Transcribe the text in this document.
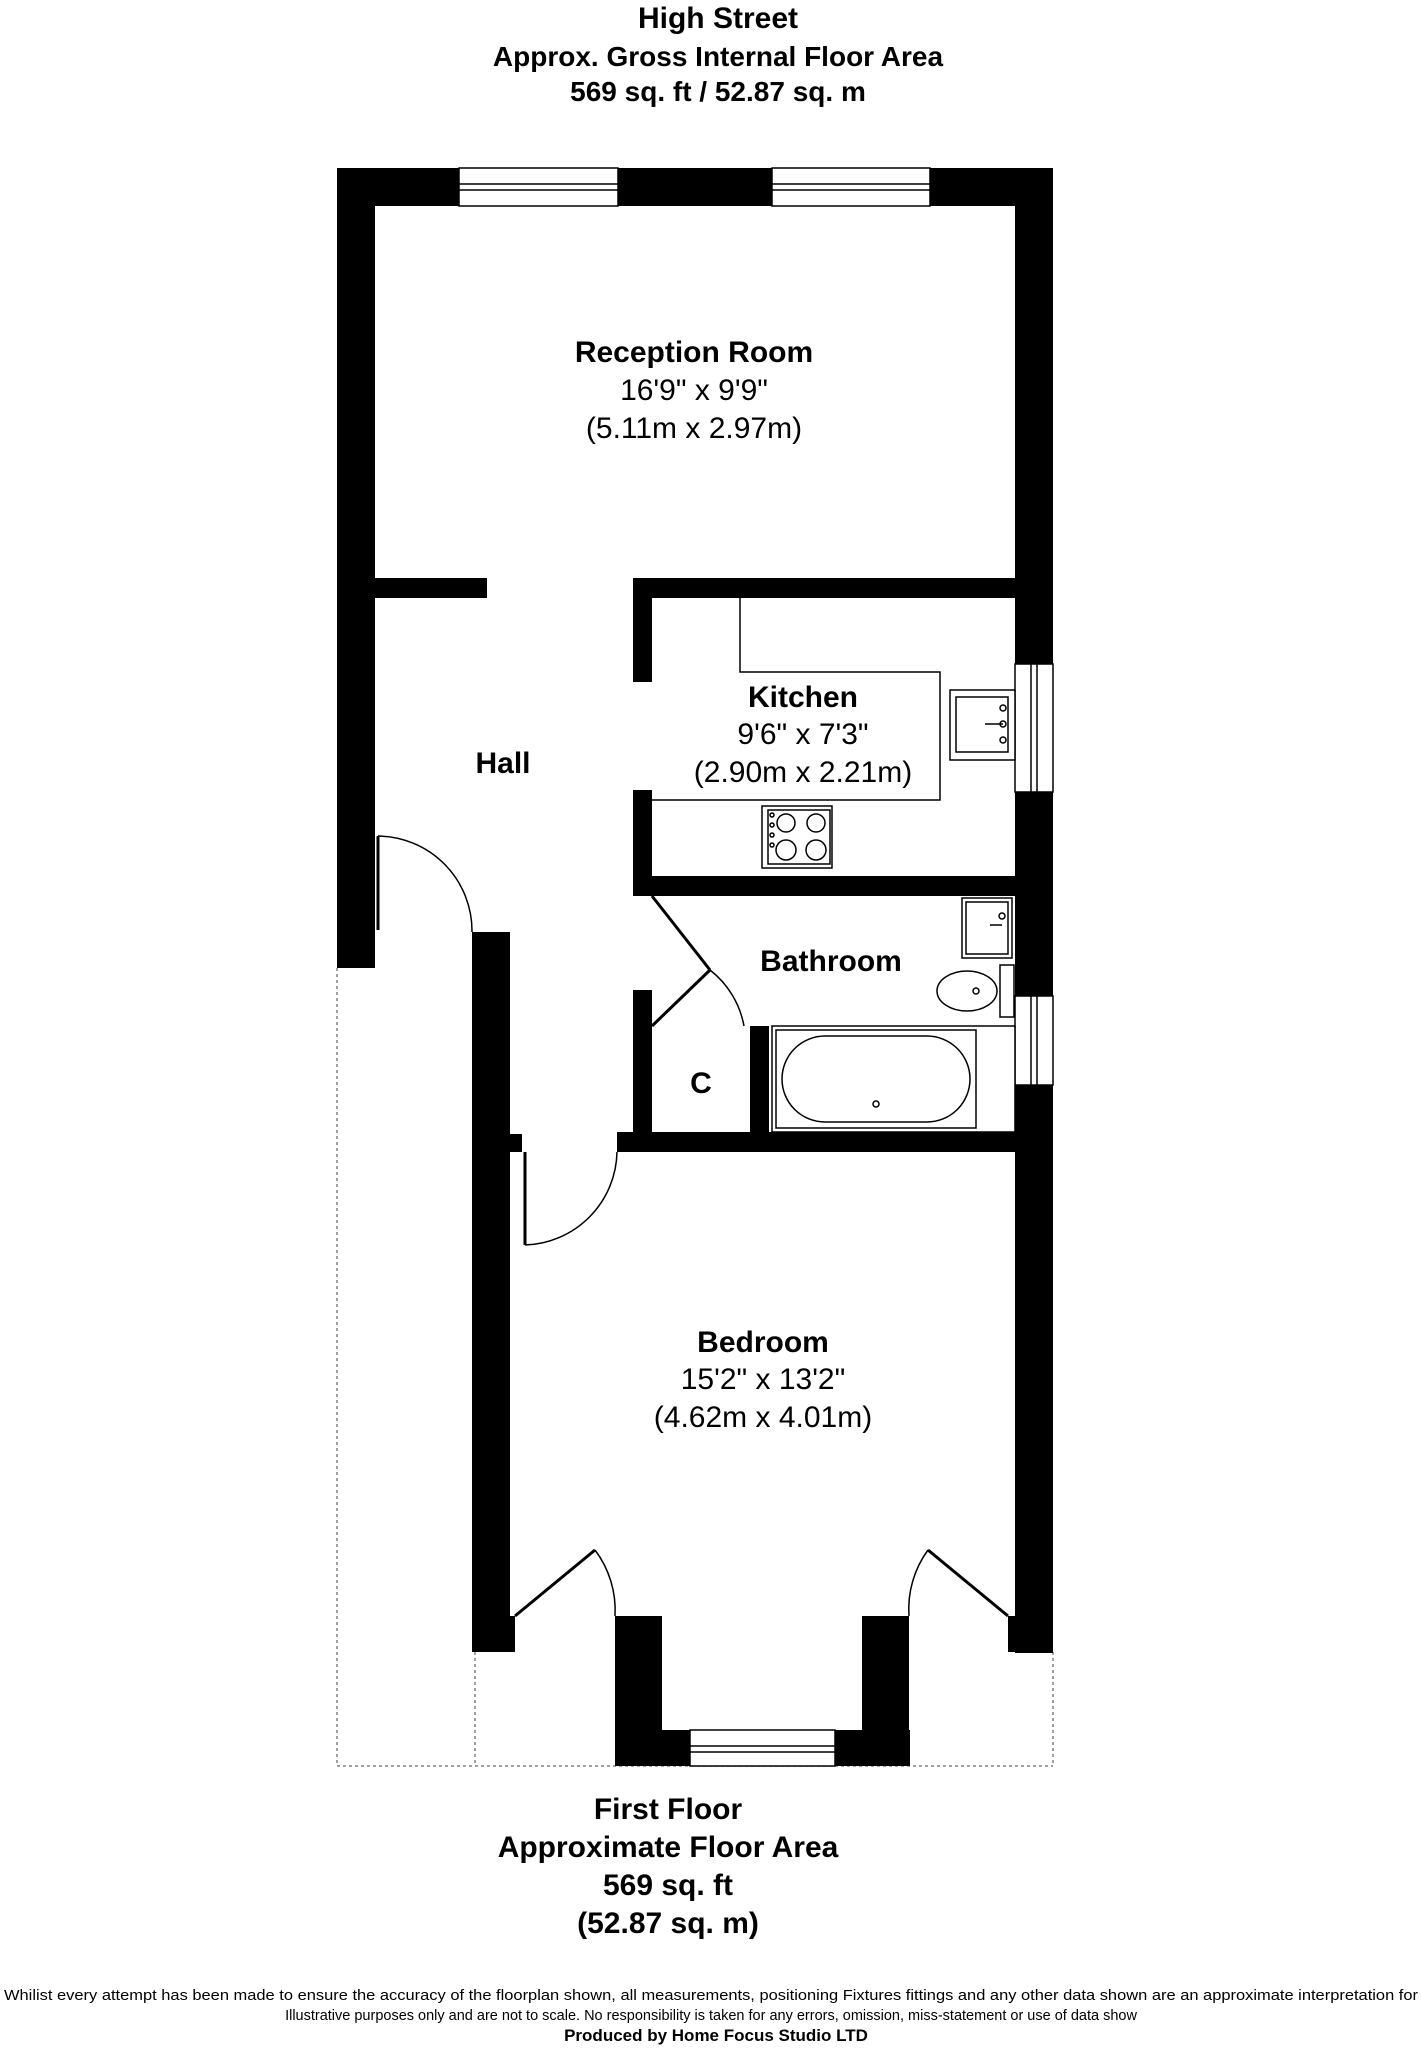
High Street
Approx. Gross Internal Floor Area
569 sq. ft / 52.87 sq. m
Reception Room
16'9" x 9'9"
(5.11m x 2.97m)
Kitchen
9'6" x 7'3"
(2.90m x 2.21m)
Hall
Bathroom
C
Bedroom
15'2" x 13'2"
(4.62m x 4.01m)
First Floor
Approximate Floor Area
569 sq. ft
(52.87 sq. m)
Whilist every attempt has been made to ensure the accuracy of the floorplan shown, all measurements, positioning Fixtures fittings and any other data shown are an approximate interpretation for
Illustrative purposes only and are not to scale. No responsibility is taken for any errors, omission, miss-statement or use of data show
Produced by Home Focus Studio LTD
